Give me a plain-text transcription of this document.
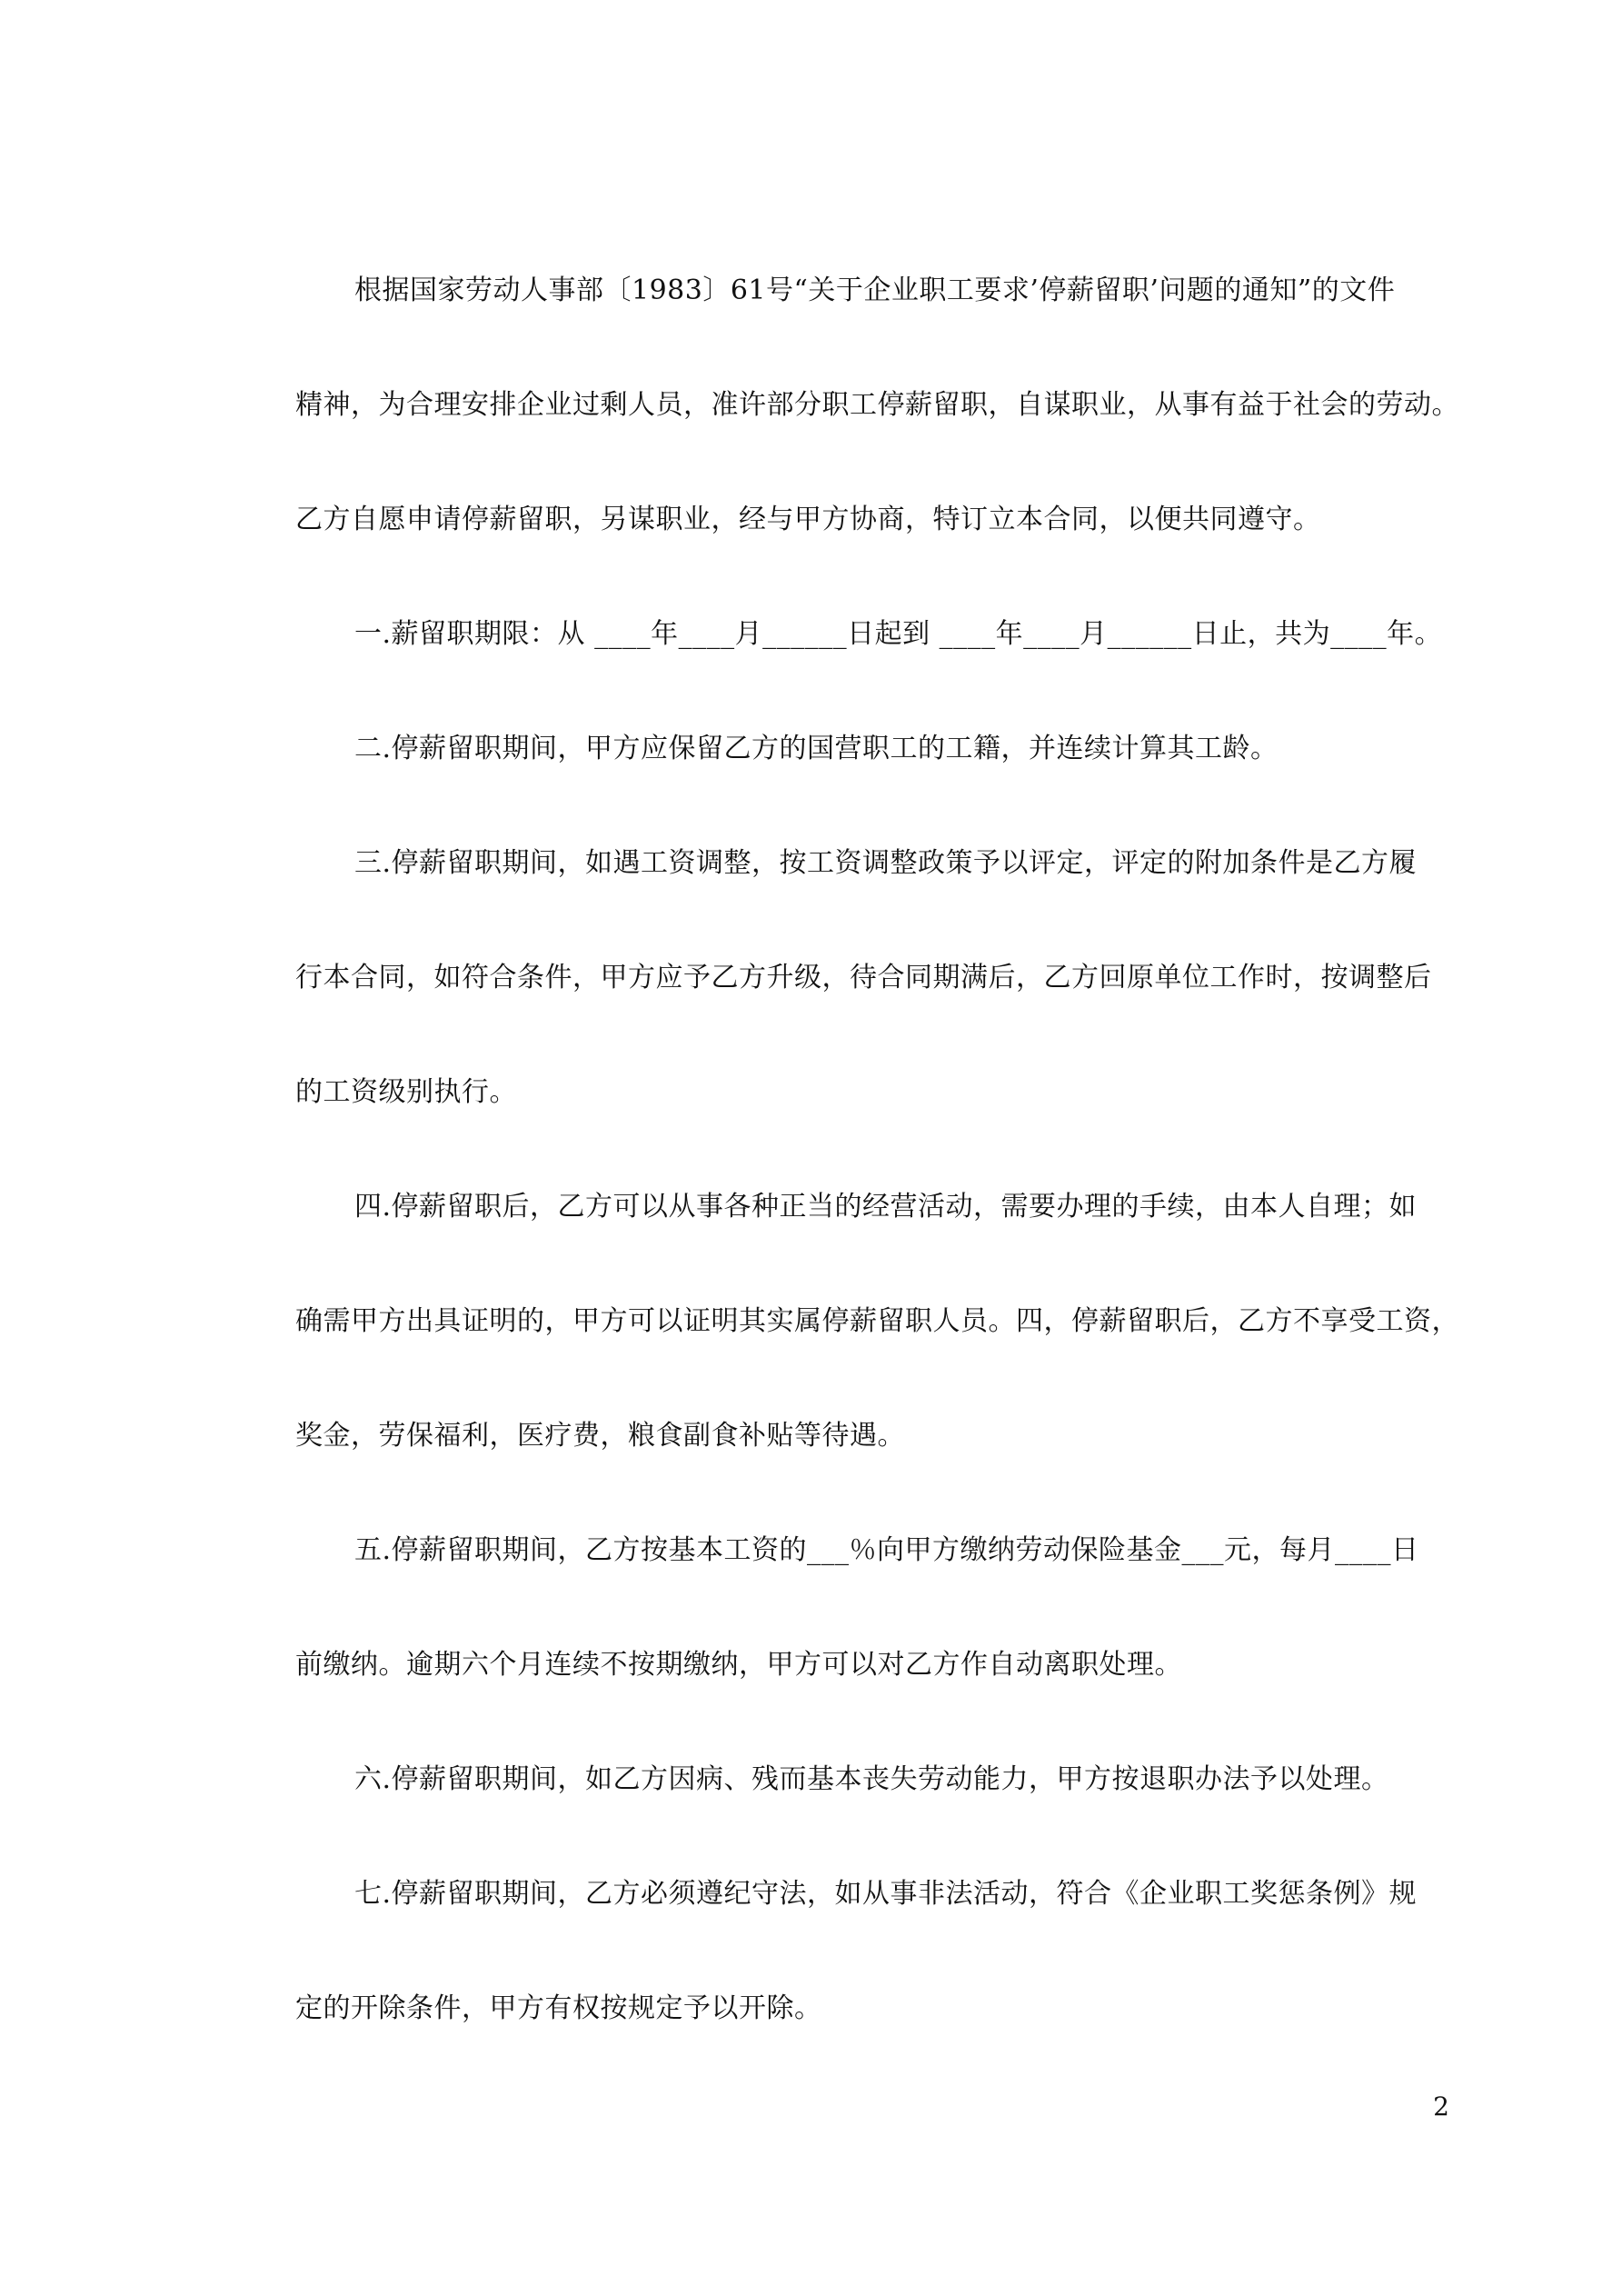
根据国家劳动人事部〔1983〕61号“关于企业职工要求’停薪留职’问题的通知”的文件
精神，为合理安排企业过剩人员，准许部分职工停薪留职，自谋职业，从事有益于社会的劳动。
乙方自愿申请停薪留职，另谋职业，经与甲方协商，特订立本合同，以便共同遵守。
一.薪留职期限：从 ____年____月______日起到 ____年____月______日止，共为____年。
二.停薪留职期间，甲方应保留乙方的国营职工的工籍，并连续计算其工龄。
三.停薪留职期间，如遇工资调整，按工资调整政策予以评定，评定的附加条件是乙方履
行本合同，如符合条件，甲方应予乙方升级，待合同期满后，乙方回原单位工作时，按调整后
的工资级别执行。
四.停薪留职后，乙方可以从事各种正当的经营活动，需要办理的手续，由本人自理；如
确需甲方出具证明的，甲方可以证明其实属停薪留职人员。四，停薪留职后，乙方不享受工资，
奖金，劳保福利，医疗费，粮食副食补贴等待遇。
五.停薪留职期间，乙方按基本工资的___％向甲方缴纳劳动保险基金___元，每月____日
前缴纳。逾期六个月连续不按期缴纳，甲方可以对乙方作自动离职处理。
六.停薪留职期间，如乙方因病、残而基本丧失劳动能力，甲方按退职办法予以处理。
七.停薪留职期间，乙方必须遵纪守法，如从事非法活动，符合《企业职工奖惩条例》规
定的开除条件，甲方有权按规定予以开除。
2
